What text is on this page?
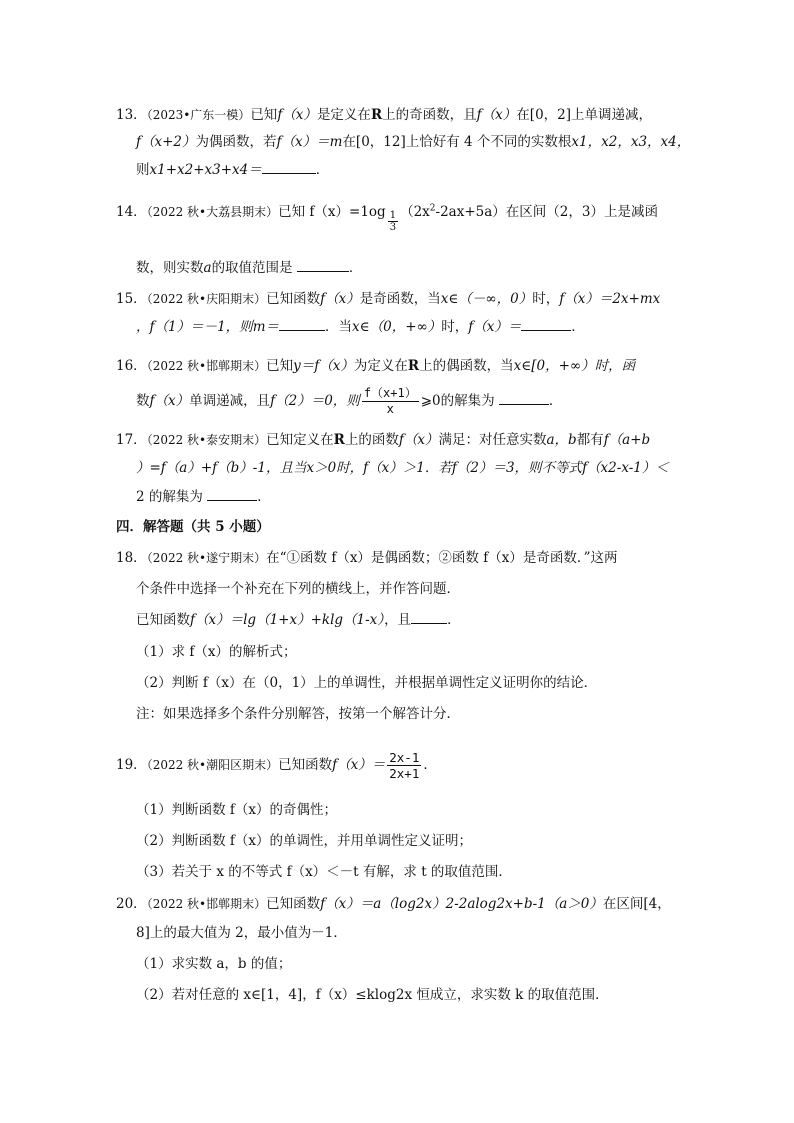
13．（2023•广东一模）已知f（x）是定义在R上的奇函数，且f（x）在[0，2]上单调递减，
f（x+2）为偶函数，若f（x）＝m在[0，12]上恰好有 4 个不同的实数根x1，x2，x3，x4，
则x1+x2+x3+x4＝	．
14．（2022 秋•大荔县期末）已知 $f(x)=1og \frac{1}{3} (2x^2-2ax+5a)$在区间（2，3）上是减函
数，则实数a的取值范围是	．
15．（2022 秋•庆阳期末）已知函数f（x）是奇函数，当x∈（－∞，0）时，f（x）＝2x+mx
，f（1）＝－1，则m＝	．当x∈（0，+∞）时，f（x）＝	．
16．（2022 秋•邯郸期末）已知y＝f（x）为定义在R上的偶函数，当x∈[0，+∞）时，函
数f（x）单调递减，且f（2）＝0，则 $\frac{f(x+1)}{x}$ ⩾0的解集为	．
17．（2022 秋•泰安期末）已知定义在R上的函数f（x）满足：对任意实数a，b都有f（a+b
）=f（a）+f（b）-1，且当x＞0时，f（x）＞1．若f（2）＝3，则不等式f（x2-x-1）＜
2 的解集为	．
四．解答题（共 5 小题）
18．（2022 秋•遂宁期末）在“①函数 f（x）是偶函数；②函数 f（x）是奇函数．”这两
个条件中选择一个补充在下列的横线上，并作答问题．
已知函数f（x）＝lg（1+x）+klg（1-x），且	．
（1）求 f（x）的解析式；
（2）判断 f（x）在（0，1）上的单调性，并根据单调性定义证明你的结论．
注：如果选择多个条件分别解答，按第一个解答计分．
19．（2022 秋•潮阳区期末）已知函数$f(x)= \frac{2x-1}{2x+1}$ ．
（1）判断函数 f（x）的奇偶性；
（2）判断函数 f（x）的单调性，并用单调性定义证明；
（3）若关于 x 的不等式 f（x）＜－t 有解，求 t 的取值范围．
20．（2022 秋•邯郸期末）已知函数f（x）＝a（log2x）2-2alog2x+b-1（a＞0）在区间[4，
8]上的最大值为 2，最小值为－1．
（1）求实数 a，b 的值；
（2）若对任意的 x∈[1，4]，f（x）≤klog2x 恒成立，求实数 k 的取值范围．
